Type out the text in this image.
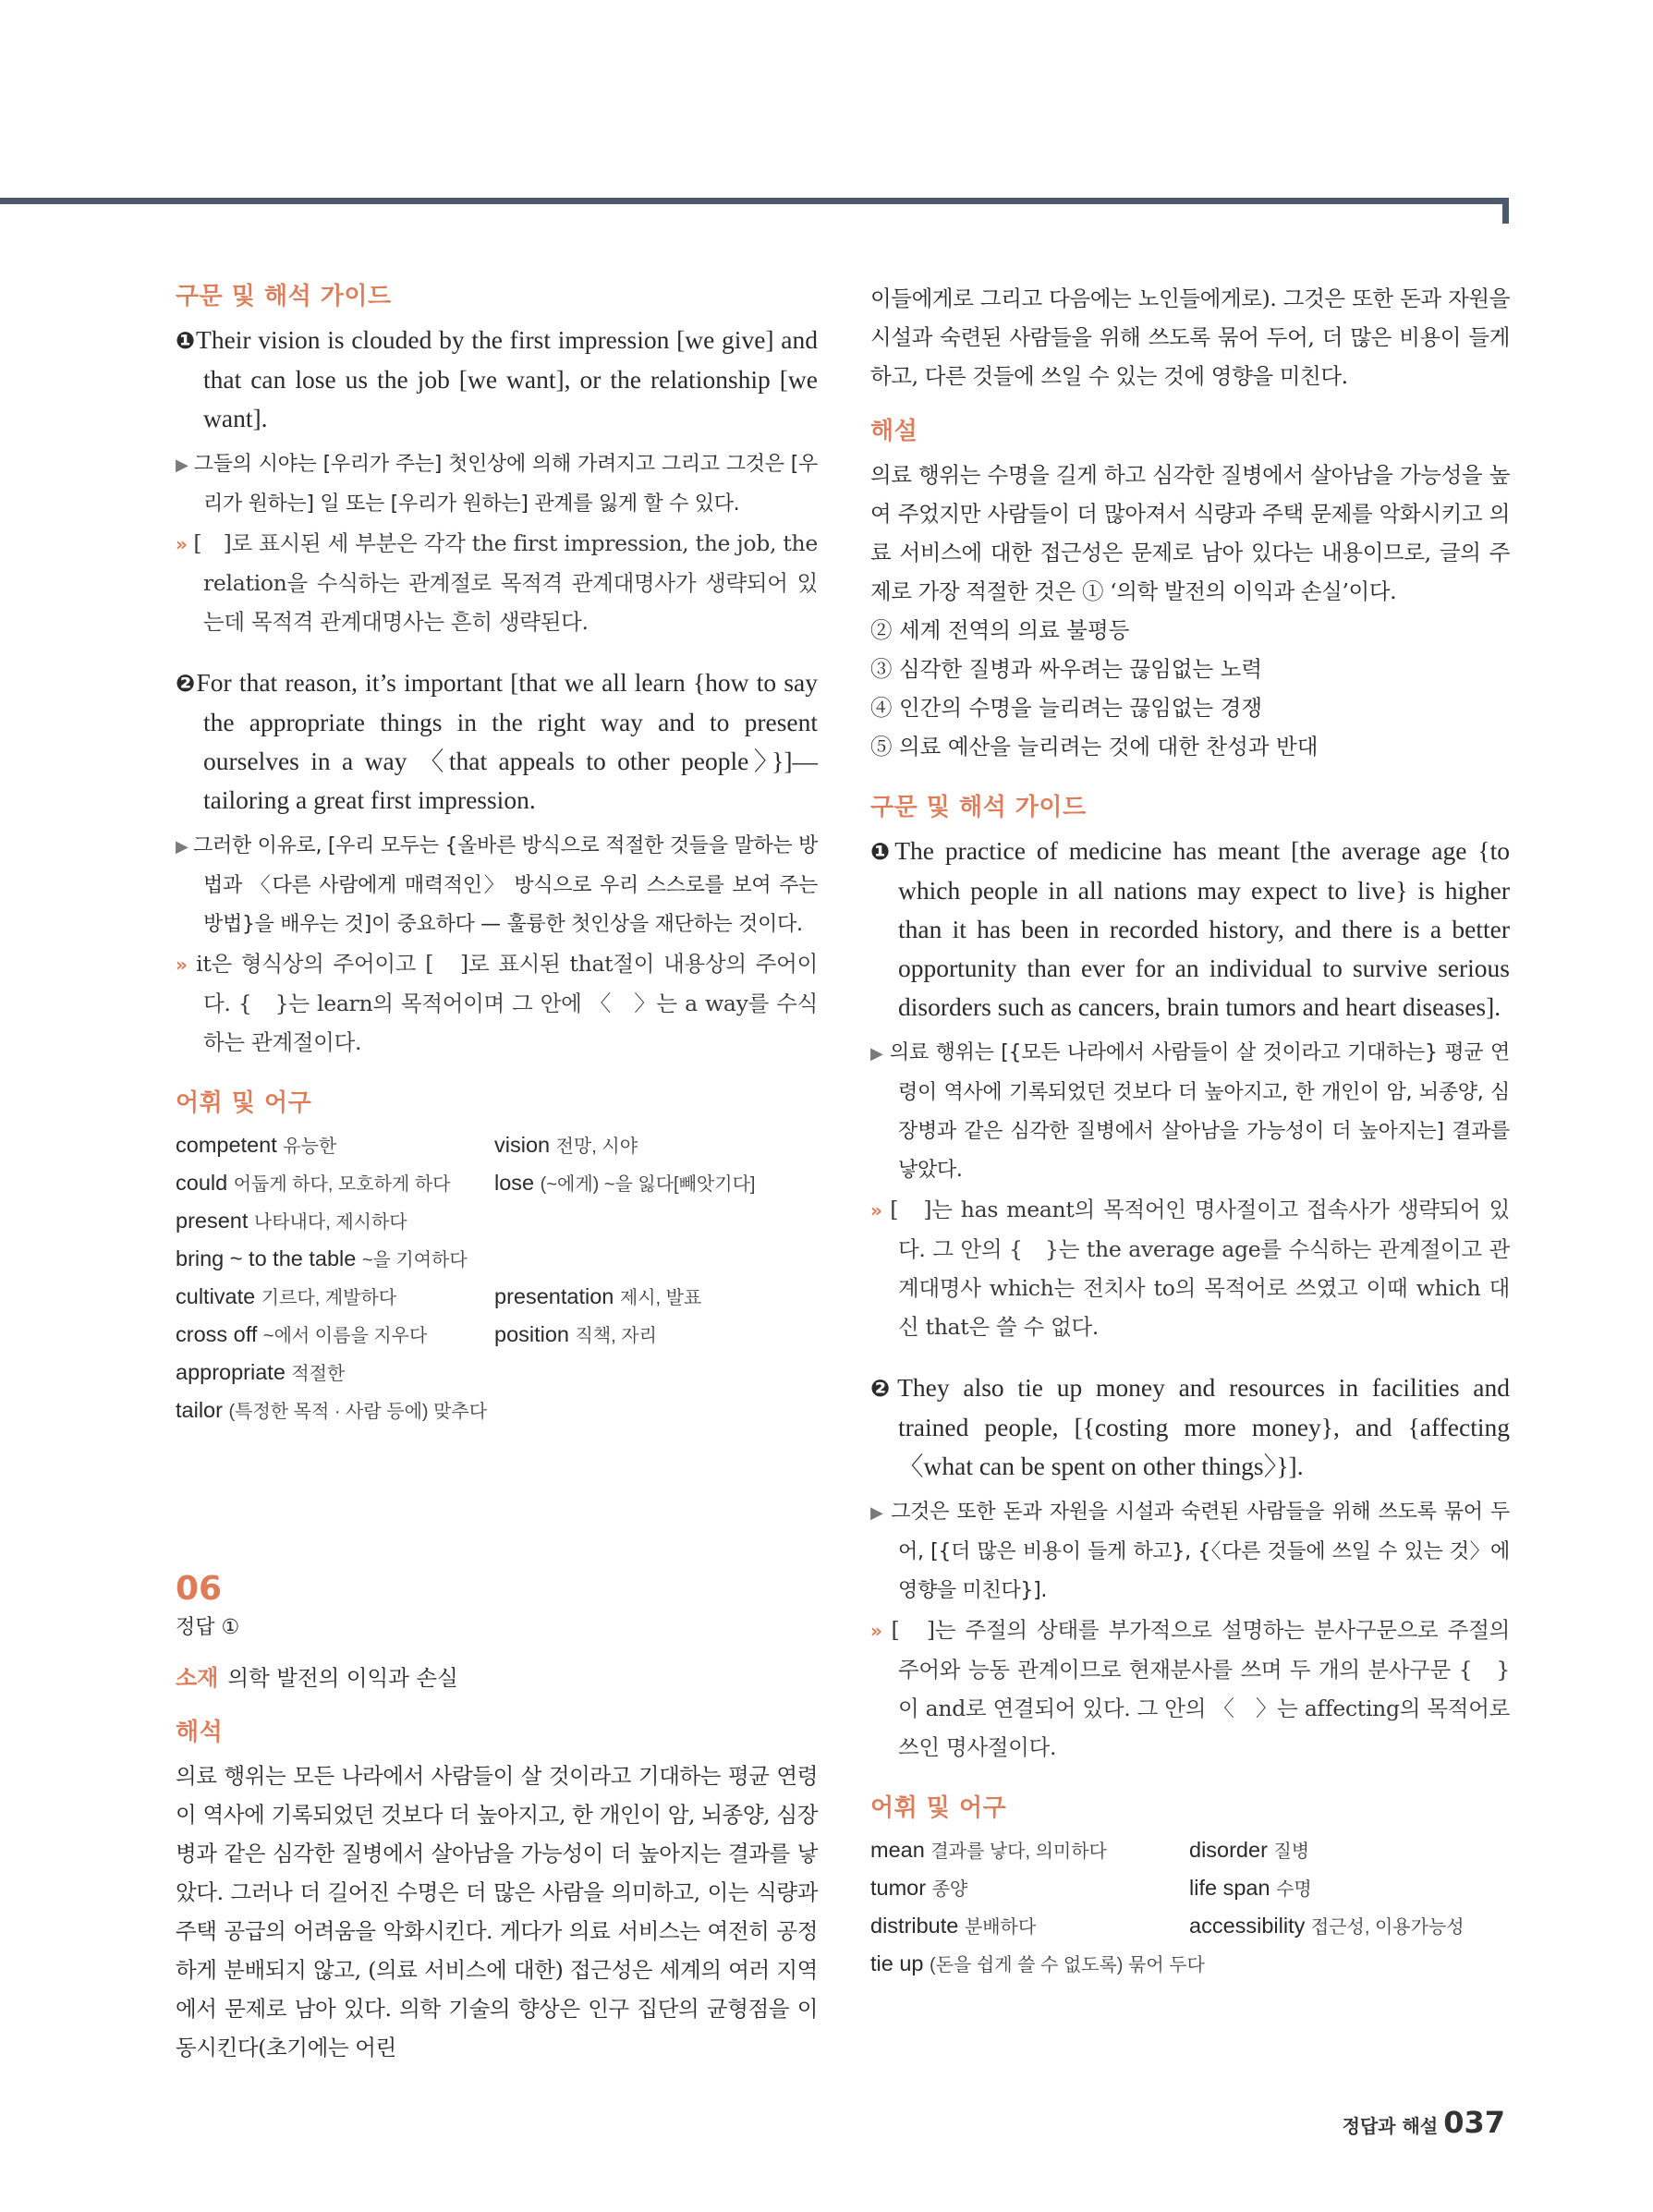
구문 및 해석 가이드

❶Their vision is clouded by the first impression [we give] and that can lose us the job [we want], or the relationship [we want].

▶ 그들의 시야는 [우리가 주는] 첫인상에 의해 가려지고 그리고 그것은 [우리가 원하는] 일 또는 [우리가 원하는] 관계를 잃게 할 수 있다.

» [　]로 표시된 세 부분은 각각 the first impression, the job, the relation을 수식하는 관계절로 목적격 관계대명사가 생략되어 있는데 목적격 관계대명사는 흔히 생략된다.

❷For that reason, it’s important [that we all learn {how to say the appropriate things in the right way and to present ourselves in a way 〈that appeals to other people〉}]—tailoring a great first impression.

▶ 그러한 이유로, [우리 모두는 {올바른 방식으로 적절한 것들을 말하는 방법과 〈다른 사람에게 매력적인〉 방식으로 우리 스스로를 보여 주는 방법}을 배우는 것]이 중요하다 — 훌륭한 첫인상을 재단하는 것이다.

» it은 형식상의 주어이고 [　]로 표시된 that절이 내용상의 주어이다. {　}는 learn의 목적어이며 그 안에 〈　〉는 a way를 수식하는 관계절이다.

어휘 및 어구
competent 유능한	vision 전망, 시야
could 어둡게 하다, 모호하게 하다	lose (~에게) ~을 잃다[빼앗기다]
present 나타내다, 제시하다
bring ~ to the table ~을 기여하다
cultivate 기르다, 계발하다	presentation 제시, 발표
cross off ~에서 이름을 지우다	position 직책, 자리
appropriate 적절한
tailor (특정한 목적 · 사람 등에) 맞추다

06

정답 ①

소재 의학 발전의 이익과 손실

해석

의료 행위는 모든 나라에서 사람들이 살 것이라고 기대하는 평균 연령이 역사에 기록되었던 것보다 더 높아지고, 한 개인이 암, 뇌종양, 심장병과 같은 심각한 질병에서 살아남을 가능성이 더 높아지는 결과를 낳았다. 그러나 더 길어진 수명은 더 많은 사람을 의미하고, 이는 식량과 주택 공급의 어려움을 악화시킨다. 게다가 의료 서비스는 여전히 공정하게 분배되지 않고, (의료 서비스에 대한) 접근성은 세계의 여러 지역에서 문제로 남아 있다. 의학 기술의 향상은 인구 집단의 균형점을 이동시킨다(초기에는 어린

이들에게로 그리고 다음에는 노인들에게로). 그것은 또한 돈과 자원을 시설과 숙련된 사람들을 위해 쓰도록 묶어 두어, 더 많은 비용이 들게 하고, 다른 것들에 쓰일 수 있는 것에 영향을 미친다.

해설

의료 행위는 수명을 길게 하고 심각한 질병에서 살아남을 가능성을 높여 주었지만 사람들이 더 많아져서 식량과 주택 문제를 악화시키고 의료 서비스에 대한 접근성은 문제로 남아 있다는 내용이므로, 글의 주제로 가장 적절한 것은 ① ‘의학 발전의 이익과 손실’이다.

② 세계 전역의 의료 불평등
③ 심각한 질병과 싸우려는 끊임없는 노력
④ 인간의 수명을 늘리려는 끊임없는 경쟁
⑤ 의료 예산을 늘리려는 것에 대한 찬성과 반대
구문 및 해석 가이드

❶The practice of medicine has meant [the average age {to which people in all nations may expect to live} is higher than it has been in recorded history, and there is a better opportunity than ever for an individual to survive serious disorders such as cancers, brain tumors and heart diseases].

▶ 의료 행위는 [{모든 나라에서 사람들이 살 것이라고 기대하는} 평균 연령이 역사에 기록되었던 것보다 더 높아지고, 한 개인이 암, 뇌종양, 심장병과 같은 심각한 질병에서 살아남을 가능성이 더 높아지는] 결과를 낳았다.

» [　]는 has meant의 목적어인 명사절이고 접속사가 생략되어 있다. 그 안의 {　}는 the average age를 수식하는 관계절이고 관계대명사 which는 전치사 to의 목적어로 쓰였고 이때 which 대신 that은 쓸 수 없다.

❷They also tie up money and resources in facilities and trained people, [{costing more money}, and {affecting 〈what can be spent on other things〉}].

▶ 그것은 또한 돈과 자원을 시설과 숙련된 사람들을 위해 쓰도록 묶어 두어, [{더 많은 비용이 들게 하고}, {〈다른 것들에 쓰일 수 있는 것〉에 영향을 미친다}].

» [　]는 주절의 상태를 부가적으로 설명하는 분사구문으로 주절의 주어와 능동 관계이므로 현재분사를 쓰며 두 개의 분사구문 {　}이 and로 연결되어 있다. 그 안의 〈　〉는 affecting의 목적어로 쓰인 명사절이다.

어휘 및 어구
mean 결과를 낳다, 의미하다	disorder 질병
tumor 종양	life span 수명
distribute 분배하다	accessibility 접근성, 이용가능성
tie up (돈을 쉽게 쓸 수 없도록) 묶어 두다
정답과 해설 037
